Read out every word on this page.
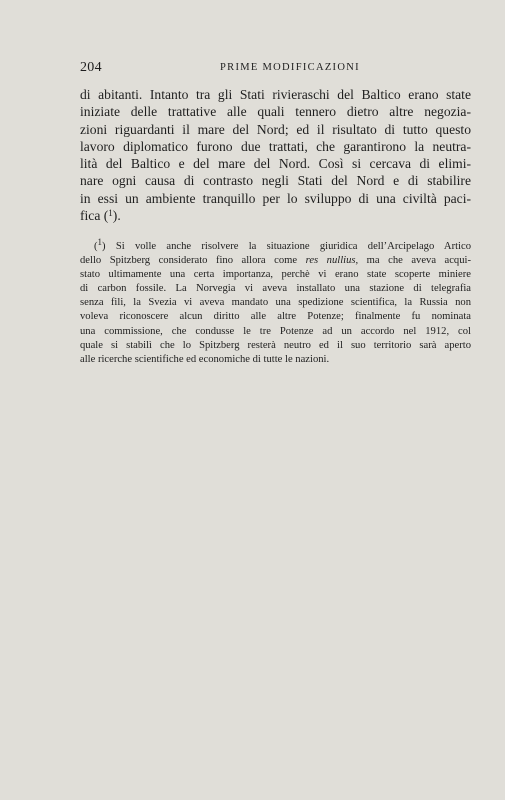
204	PRIME MODIFICAZIONI

di abitanti. Intanto tra gli Stati rivieraschi del Baltico erano state
iniziate delle trattative alle quali tennero dietro altre negozia-
zioni riguardanti il mare del Nord; ed il risultato di tutto questo
lavoro diplomatico furono due trattati, che garantirono la neutra-
lità del Baltico e del mare del Nord. Così si cercava di elimi-
nare ogni causa di contrasto negli Stati del Nord e di stabilire
in essi un ambiente tranquillo per lo sviluppo di una civiltà paci-
fica ($^1$).

($^1$) Si volle anche risolvere la situazione giuridica dell’Arcipelago Artico
dello Spitzberg considerato fino allora come res nullius, ma che aveva acqui-
stato ultimamente una certa importanza, perchè vi erano state scoperte miniere
di carbon fossile. La Norvegia vi aveva installato una stazione di telegrafia
senza fili, la Svezia vi aveva mandato una spedizione scientifica, la Russia non
voleva riconoscere alcun diritto alle altre Potenze; finalmente fu nominata
una commissione, che condusse le tre Potenze ad un accordo nel 1912, col
quale si stabilì che lo Spitzberg resterà neutro ed il suo territorio sarà aperto
alle ricerche scientifiche ed economiche di tutte le nazioni.
